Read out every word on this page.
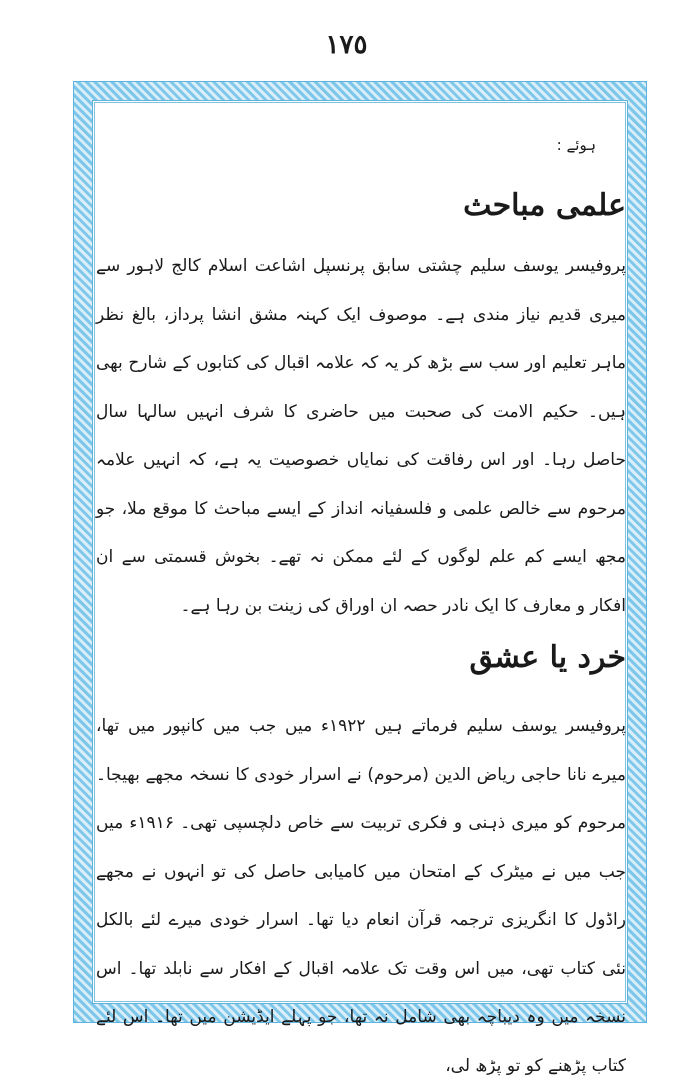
١٧٥
ہوئے :
علمی مباحث

پروفیسر یوسف سلیم چشتی سابق پرنسپل اشاعت اسلام کالج لاہور سے میری قدیم نیاز مندی ہے۔ موصوف ایک کہنہ مشق انشا پرداز، بالغ نظر ماہر تعلیم اور سب سے بڑھ کر یہ کہ علامہ اقبال کی کتابوں کے شارح بھی ہیں۔ حکیم الامت کی صحبت میں حاضری کا شرف انہیں سالہا سال حاصل رہا۔ اور اس رفاقت کی نمایاں خصوصیت یہ ہے، کہ انہیں علامہ مرحوم سے خالص علمی و فلسفیانہ انداز کے ایسے مباحث کا موقع ملا، جو مجھ ایسے کم علم لوگوں کے لئے ممکن نہ تھے۔ بخوش قسمتی سے ان افکار و معارف کا ایک نادر حصہ ان اوراق کی زینت بن رہا ہے۔

خرد یا عشق

پروفیسر یوسف سلیم فرماتے ہیں ۱۹۲۲ء میں جب میں کانپور میں تھا، میرے نانا حاجی ریاض الدین (مرحوم) نے اسرار خودی کا نسخہ مجھے بھیجا۔ مرحوم کو میری ذہنی و فکری تربیت سے خاص دلچسپی تھی۔ ۱۹۱۶ء میں جب میں نے میٹرک کے امتحان میں کامیابی حاصل کی تو انہوں نے مجھے راڈول کا انگریزی ترجمہ قرآن انعام دیا تھا۔ اسرار خودی میرے لئے بالکل نئی کتاب تھی، میں اس وقت تک علامہ اقبال کے افکار سے نابلد تھا۔ اس نسخہ میں وہ دیباچہ بھی شامل نہ تھا، جو پہلے ایڈیشن میں تھا۔ اس لئے کتاب پڑھنے کو تو پڑھ لی،
